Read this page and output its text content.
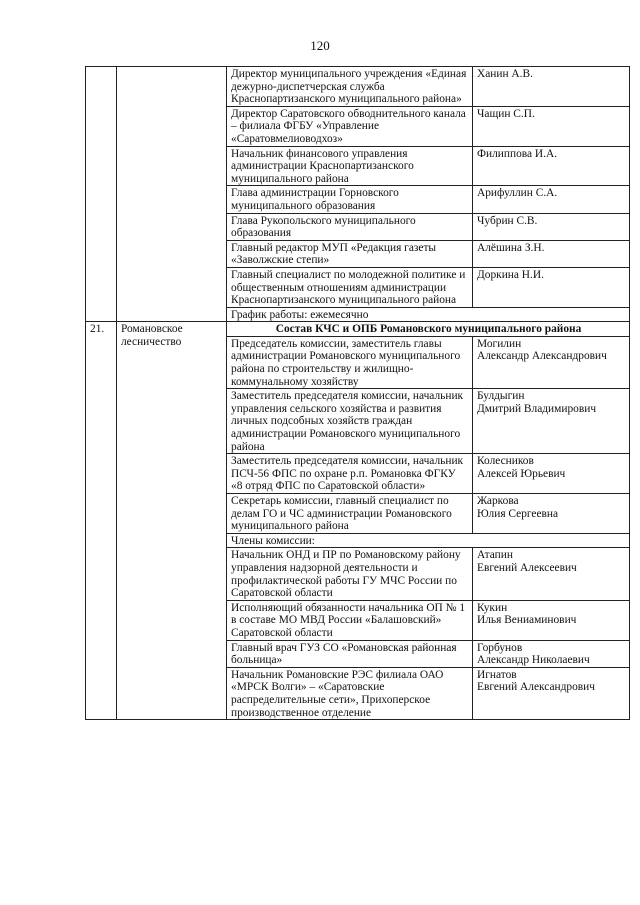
120
		Директор муниципального учреждения «Единая дежурно-диспетчерская служба Краснопартизанского муниципального района»	Ханин А.В.

		Директор Саратовского обводнительного канала – филиала ФГБУ «Управление «Саратовмелиоводхоз»	Чащин С.П.

		Начальник финансового управления администрации Краснопартизанского муниципального района	Филиппова И.А.

		Глава администрации Горновского муниципального образования	Арифуллин С.А.

		Глава Рукопольского муниципального образования	Чубрин С.В.

		Главный редактор МУП «Редакция газеты «Заволжские степи»	Алёшина З.Н.

		Главный специалист по молодежной политике и общественным отношениям администрации Краснопартизанского муниципального района	Доркина Н.И.

		График работы: ежемесячно	
21.	Романовское лесничество	Состав КЧС и ОПБ Романовского муниципального района	
		Председатель комиссии, заместитель главы администрации Романовского муниципального района по строительству и жилищно-коммунальному хозяйству	Могилин
Александр Александрович

		Заместитель председателя комиссии, начальник управления сельского хозяйства и развития личных подсобных хозяйств граждан администрации Романовского муниципального района	Булдыгин
Дмитрий Владимирович

		Заместитель председателя комиссии, начальник ПСЧ-56 ФПС по охране р.п. Романовка ФГКУ «8 отряд ФПС по Саратовской области»	Колесников
Алексей Юрьевич

		Секретарь комиссии, главный специалист по делам ГО и ЧС администрации Романовского муниципального района	Жаркова
Юлия Сергеевна

		Члены комиссии:	
		Начальник ОНД и ПР по Романовскому району управления надзорной деятельности и профилактической работы ГУ МЧС России по Саратовской области	Атапин
Евгений Алексеевич

		Исполняющий обязанности начальника ОП № 1 в составе МО МВД России «Балашовский» Саратовской области	Кукин
Илья Вениаминович

		Главный врач ГУЗ СО «Романовская районная больница»	Горбунов
Александр Николаевич

		Начальник Романовские РЭС филиала ОАО «МРСК Волги» – «Саратовские распределительные сети», Прихоперское производственное отделение	Игнатов
Евгений Александрович
